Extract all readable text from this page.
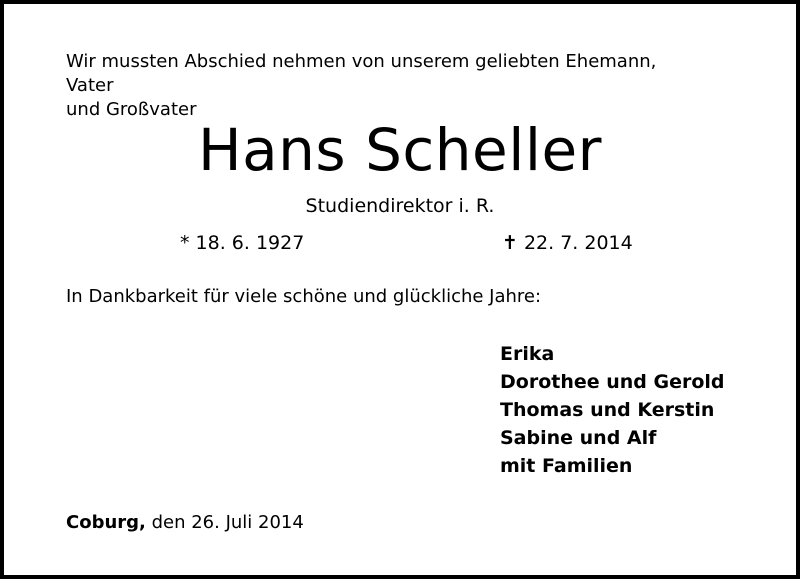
Wir mussten Abschied nehmen von unserem geliebten Ehemann, Vater
und Großvater
Hans Scheller
Studiendirektor i. R.
* 18. 6. 1927	✝ 22. 7. 2014
In Dankbarkeit für viele schöne und glückliche Jahre:
Erika
Dorothee und Gerold
Thomas und Kerstin
Sabine und Alf
mit Familien
Coburg, den 26. Juli 2014
